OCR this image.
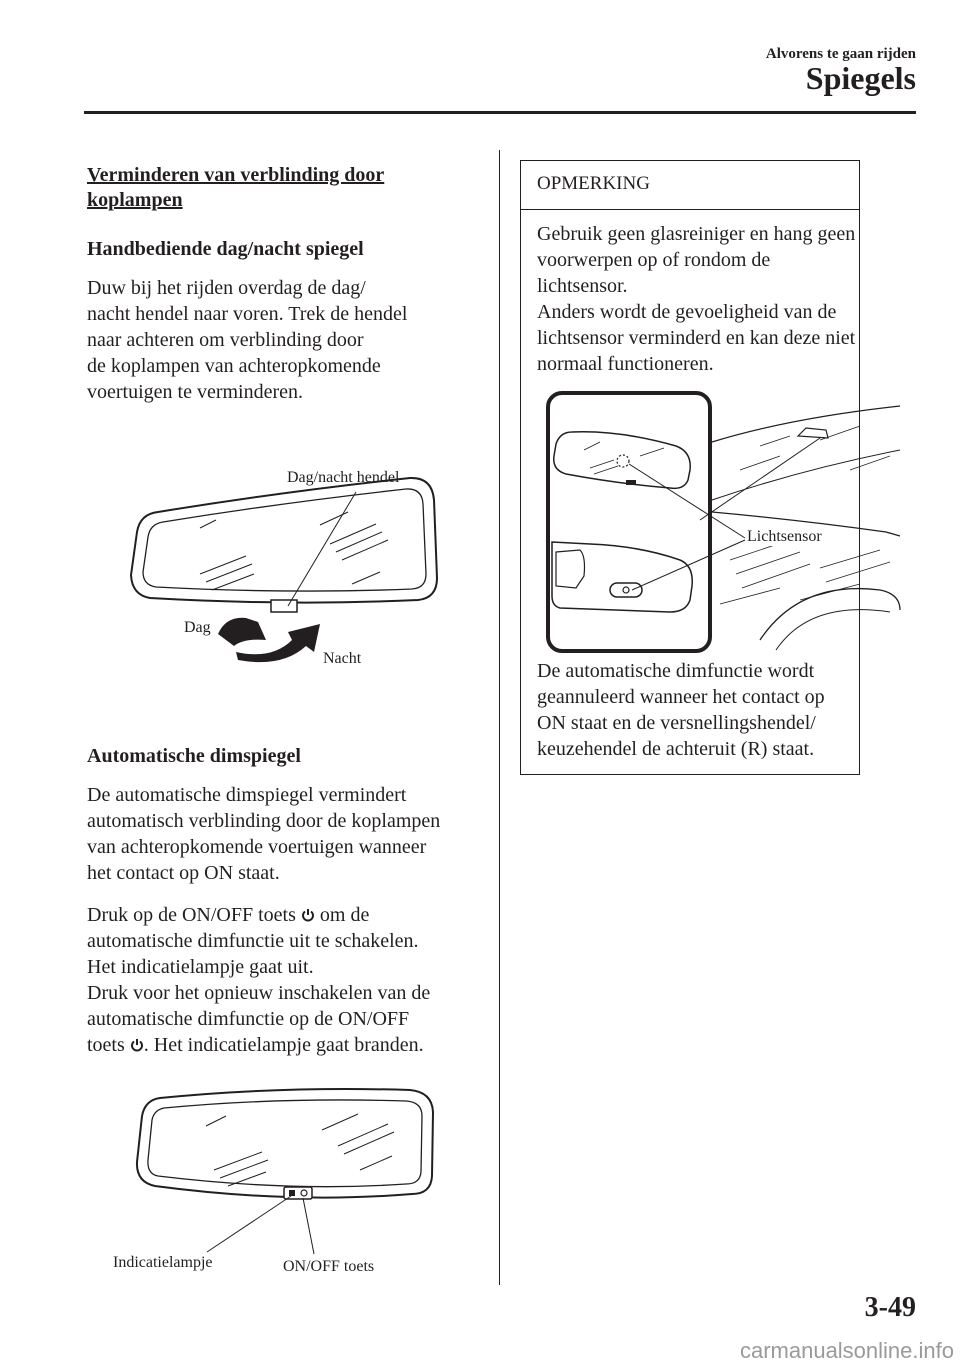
Alvorens te gaan rijden
Spiegels
Verminderen van verblinding door
koplampen
Handbediende dag/nacht spiegel

Duw bij het rijden overdag de dag/

nacht hendel naar voren. Trek de hendel

naar achteren om verblinding door

de koplampen van achteropkomende

voertuigen te verminderen.

Dag/nacht hendel
Dag
Nacht
Automatische dimspiegel

De automatische dimspiegel vermindert

automatisch verblinding door de koplampen

van achteropkomende voertuigen wanneer

het contact op ON staat.

Druk op de ON/OFF toets  om de

automatische dimfunctie uit te schakelen.

Het indicatielampje gaat uit.

Druk voor het opnieuw inschakelen van de

automatische dimfunctie op de ON/OFF

toets . Het indicatielampje gaat branden.

Indicatielampje	ON/OFF toets
OPMERKING

Gebruik geen glasreiniger en hang geen

voorwerpen op of rondom de lichtsensor.

Anders wordt de gevoeligheid van de

lichtsensor verminderd en kan deze niet

normaal functioneren.

De automatische dimfunctie wordt

geannuleerd wanneer het contact op

ON staat en de versnellingshendel/

keuzehendel de achteruit (R) staat.

Lichtsensor
3-49
carmanualsonline.info
